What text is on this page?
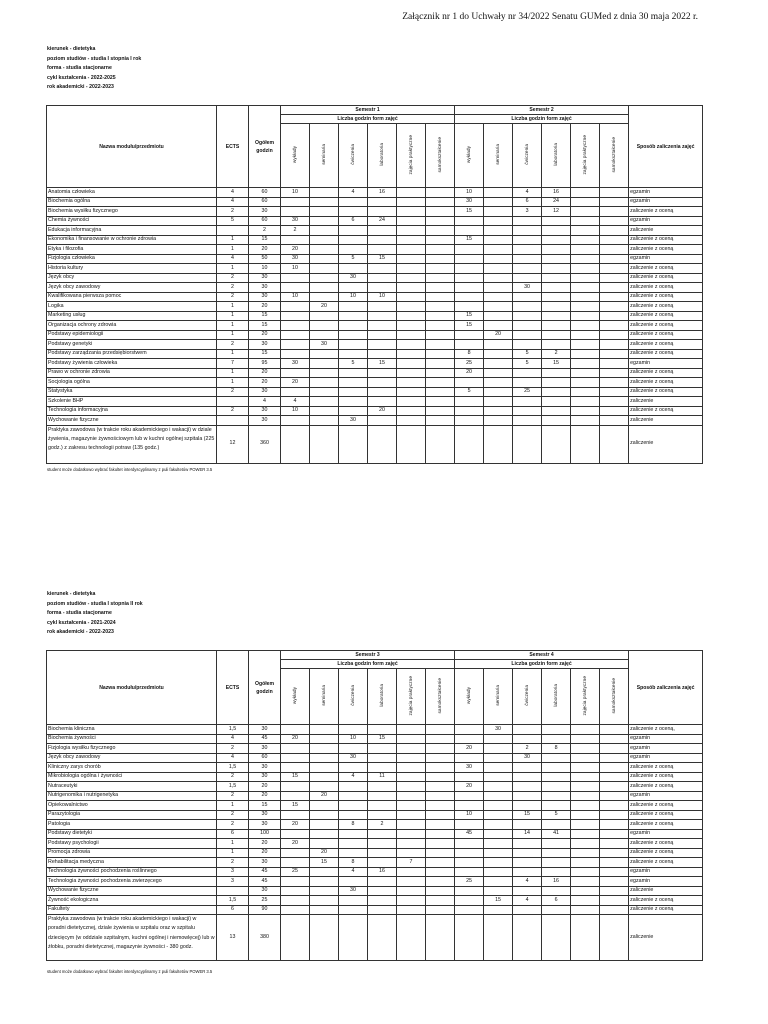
Załącznik nr 1 do Uchwały nr 34/2022 Senatu GUMed z dnia 30 maja 2022 r.
kierunek - dietetyka
poziom studiów - studia I stopnia I rok
forma - studia stacjonarne
cykl kształcenia - 2022-2025
rok akademicki - 2022-2023
Nazwa modułu/przedmiotu	ECTS	Ogółem godzin	Semestr 1						Semestr 2						Sposób zaliczenia zajęć
			Liczba godzin form zajęć						Liczba godzin form zajęć						
			wykłady	seminaria	ćwiczenia	laboratoria	zajęcia praktyczne	samokształcenie	wykłady	seminaria	ćwiczenia	laboratoria	zajęcia praktyczne	samokształcenie	
Anatomia człowieka	4	60	10		4	16			10		4	16			egzamin
Biochemia ogólna	4	60							30		6	24			egzamin
Biochemia wysiłku fizycznego	2	30							15		3	12			zaliczenie z oceną
Chemia żywności	5	60	30		6	24									egzamin
Edukacja informacyjna		2	2												zaliczenie
Ekonomika i finansowanie w ochronie zdrowia	1	15							15						zaliczenie z oceną
Etyka i filozofia	1	20	20												zaliczenie z oceną
Fizjologia człowieka	4	50	30		5	15									egzamin
Historia kultury	1	10	10												zaliczenie z oceną
Język obcy	2	30			30										zaliczenie z oceną
Język obcy zawodowy	2	30									30				zaliczenie z oceną
Kwalifikowana pierwsza pomoc	2	30	10		10	10									zaliczenie z oceną
Logika	1	20		20											zaliczenie z oceną
Marketing usług	1	15							15						zaliczenie z oceną
Organizacja ochrony zdrowia	1	15							15						zaliczenie z oceną
Podstawy epidemiologii	1	20								20					zaliczenie z oceną
Podstawy genetyki	2	30		30											zaliczenie z oceną
Podstawy zarządzania przedsiębiorstwem	1	15							8		5	2			zaliczenie z oceną
Podstawy żywienia człowieka	7	95	30		5	15			25		5	15			egzamin
Prawo w ochronie zdrowia	1	20							20						zaliczenie z oceną
Socjologia ogólna	1	20	20												zaliczenie z oceną
Statystyka	2	30							5		25				zaliczenie z oceną
Szkolenie BHP		4	4												zaliczenie
Technologia informacyjna	2	30	10			20									zaliczenie z oceną
Wychowanie fizyczne		30			30										zaliczenie
Praktyka zawodowa (w trakcie roku akademickiego i wakacji) w dziale żywienia, magazynie żywnościowym lub w kuchni ogólnej szpitala (225 godz.) z zakresu technologii potraw (135 godz.)	12	360													zaliczenie
student może dodatkowo wybrać fakultet interdyscyplinarny z puli fakultetów POWER 3.5
kierunek - dietetyka
poziom studiów - studia I stopnia II rok
forma - studia stacjonarne
cykl kształcenia - 2021-2024
rok akademicki - 2022-2023
Nazwa modułu/przedmiotu	ECTS	Ogółem godzin	Semestr 3						Semestr 4						Sposób zaliczenia zajęć
			Liczba godzin form zajęć						Liczba godzin form zajęć						
			wykłady	seminaria	ćwiczenia	laboratoria	zajęcia praktyczne	samokształcenie	wykłady	seminaria	ćwiczenia	laboratoria	zajęcia praktyczne	samokształcenie	
Biochemia kliniczna	1,5	30								30					zaliczenie z oceną,
Biochemia żywności	4	45	20		10	15									egzamin
Fizjologia wysiłku fizycznego	2	30							20		2	8			egzamin
Język obcy zawodowy	4	60			30						30				egzamin
Kliniczny zarys chorób	1,5	30							30						zaliczenie z oceną
Mikrobiologia ogólna i żywności	2	30	15		4	11									zaliczenie z oceną
Nutraceutyki	1,5	20							20						zaliczenie z oceną
Nutrigenomika i nutrigenetyka	2	20		20											egzamin
Opiekowalnictwo	1	15	15												zaliczenie z oceną
Parazytologia	2	30							10		15	5			zaliczenie z oceną
Patologia	2	30	20		8	2									zaliczenie z oceną
Podstawy dietetyki	6	100							45		14	41			egzamin
Podstawy psychologii	1	20	20												zaliczenie z oceną
Promocja zdrowia	1	20		20											zaliczenie z oceną
Rehabilitacja medyczna	2	30		15	8		7								zaliczenie z oceną
Technologia żywności pochodzenia roślinnego	3	45	25		4	16									egzamin
Technologia żywności pochodzenia zwierzęcego	3	45							25		4	16			egzamin
Wychowanie fizyczne		30			30										zaliczenie
Żywność ekologiczna	1,5	25								15	4	6			zaliczenie z oceną
Fakultety	6	90													zaliczenie z oceną
Praktyka zawodowa (w trakcie roku akademickiego i wakacji) w poradni dietetycznej, dziale żywienia w szpitalu oraz w szpitalu dziecięcym (w oddziale szpitalnym, kuchni ogólnej i niemowlęcej) lub w żłobku, poradni dietetycznej, magazynie żywności - 380 godz.	13	380													zaliczenie
student może dodatkowo wybrać fakultet interdyscyplinarny z puli fakultetów POWER 3.5
